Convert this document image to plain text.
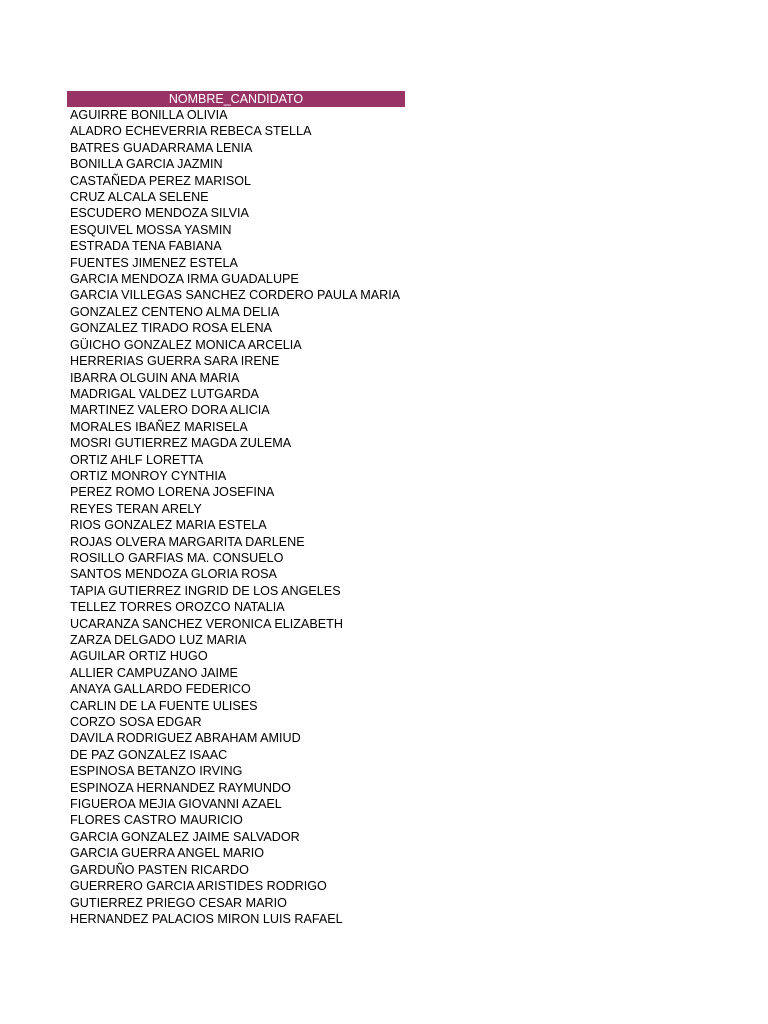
NOMBRE_CANDIDATO
AGUIRRE BONILLA OLIVIA
ALADRO ECHEVERRIA REBECA STELLA
BATRES GUADARRAMA LENIA
BONILLA GARCIA JAZMIN
CASTAÑEDA PEREZ MARISOL
CRUZ ALCALA SELENE
ESCUDERO MENDOZA SILVIA
ESQUIVEL MOSSA YASMIN
ESTRADA TENA FABIANA
FUENTES JIMENEZ ESTELA
GARCIA MENDOZA IRMA GUADALUPE
GARCIA VILLEGAS SANCHEZ CORDERO PAULA MARIA
GONZALEZ CENTENO ALMA DELIA
GONZALEZ TIRADO ROSA ELENA
GÜICHO GONZALEZ MONICA ARCELIA
HERRERIAS GUERRA SARA IRENE
IBARRA OLGUIN ANA MARIA
MADRIGAL VALDEZ LUTGARDA
MARTINEZ VALERO DORA ALICIA
MORALES IBAÑEZ MARISELA
MOSRI GUTIERREZ MAGDA ZULEMA
ORTIZ AHLF LORETTA
ORTIZ MONROY CYNTHIA
PEREZ ROMO LORENA JOSEFINA
REYES TERAN ARELY
RIOS GONZALEZ MARIA ESTELA
ROJAS OLVERA MARGARITA DARLENE
ROSILLO GARFIAS MA. CONSUELO
SANTOS MENDOZA GLORIA ROSA
TAPIA GUTIERREZ INGRID DE LOS ANGELES
TELLEZ TORRES OROZCO NATALIA
UCARANZA SANCHEZ VERONICA ELIZABETH
ZARZA DELGADO LUZ MARIA
AGUILAR ORTIZ HUGO
ALLIER CAMPUZANO JAIME
ANAYA GALLARDO FEDERICO
CARLIN DE LA FUENTE ULISES
CORZO SOSA EDGAR
DAVILA RODRIGUEZ ABRAHAM AMIUD
DE PAZ GONZALEZ ISAAC
ESPINOSA BETANZO IRVING
ESPINOZA HERNANDEZ RAYMUNDO
FIGUEROA MEJIA GIOVANNI AZAEL
FLORES CASTRO MAURICIO
GARCIA GONZALEZ JAIME SALVADOR
GARCIA GUERRA ANGEL MARIO
GARDUÑO PASTEN RICARDO
GUERRERO GARCIA ARISTIDES RODRIGO
GUTIERREZ PRIEGO CESAR MARIO
HERNANDEZ PALACIOS MIRON LUIS RAFAEL
